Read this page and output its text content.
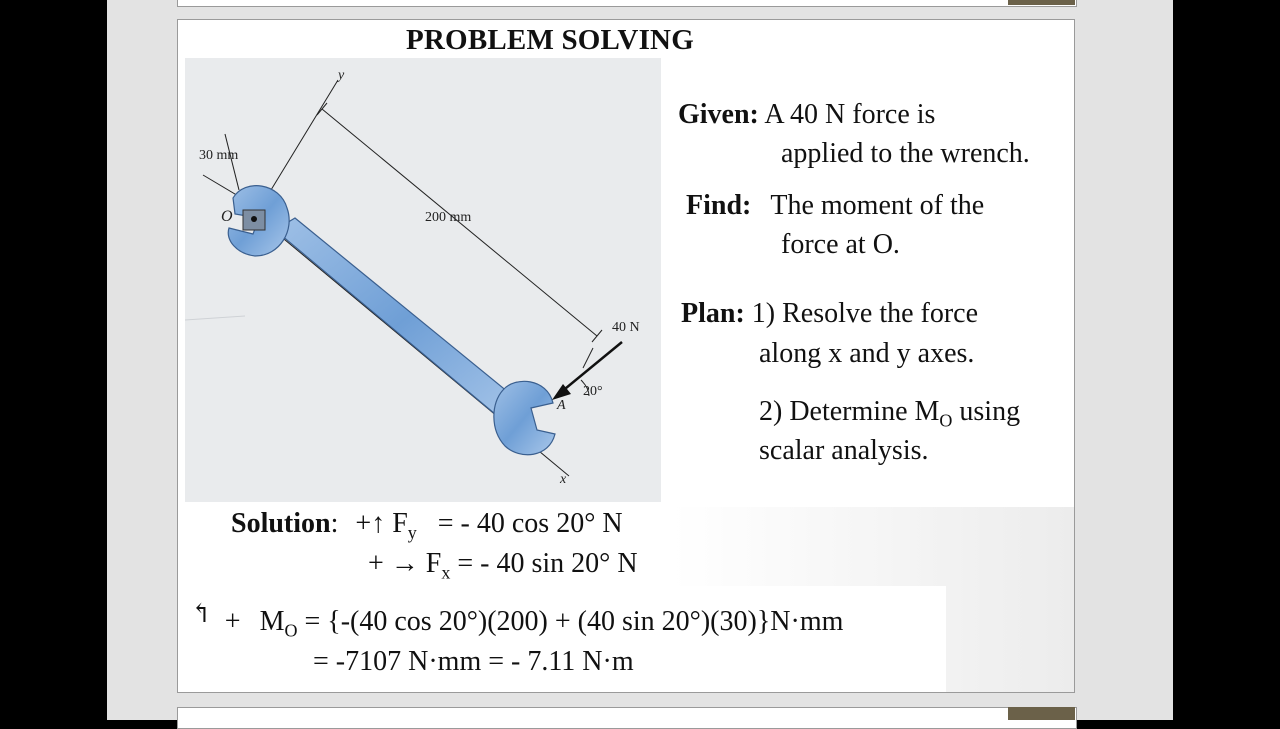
PROBLEM SOLVING
y
x
30 mm
200 mm
40 N
20°
O
A
Given: A 40 N force is
applied to the wrench.
Find: The moment of the
force at O.
Plan: 1) Resolve the force
along x and y axes.
2) Determine $M_O$ using
scalar analysis.
Solution: +↑ $F_y$ = - 40 cos 20° N
+ → $F_x$ = - 40 sin 20° N
↰ + $M_O = \{-(40$ cos 20°)(200) + (40 sin 20°)(30)}N·mm
= -7107 N·mm = - 7.11 N·m
